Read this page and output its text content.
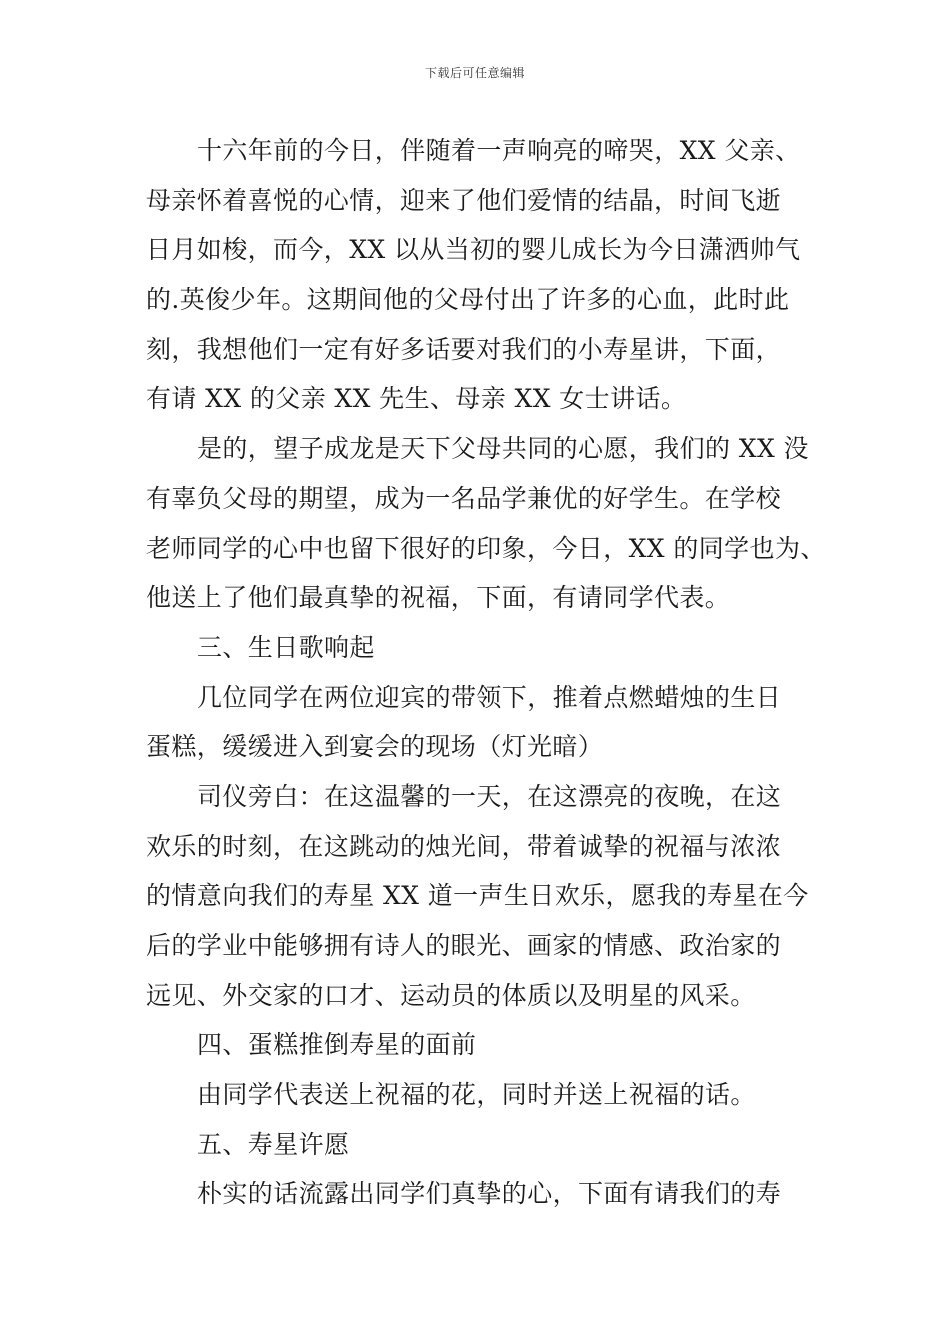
下载后可任意编辑
十六年前的今日，伴随着一声响亮的啼哭，XX 父亲、
母亲怀着喜悦的心情，迎来了他们爱情的结晶，时间飞逝
日月如梭，而今，XX 以从当初的婴儿成长为今日潇洒帅气
的.英俊少年。这期间他的父母付出了许多的心血，此时此
刻，我想他们一定有好多话要对我们的小寿星讲，下面，
有请 XX 的父亲 XX 先生、母亲 XX 女士讲话。
是的，望子成龙是天下父母共同的心愿，我们的 XX 没
有辜负父母的期望，成为一名品学兼优的好学生。在学校
老师同学的心中也留下很好的印象，今日，XX 的同学也为、
他送上了他们最真挚的祝福，下面，有请同学代表。
三、生日歌响起
几位同学在两位迎宾的带领下，推着点燃蜡烛的生日
蛋糕，缓缓进入到宴会的现场（灯光暗）
司仪旁白：在这温馨的一天，在这漂亮的夜晚，在这
欢乐的时刻，在这跳动的烛光间，带着诚挚的祝福与浓浓
的情意向我们的寿星 XX 道一声生日欢乐，愿我的寿星在今
后的学业中能够拥有诗人的眼光、画家的情感、政治家的
远见、外交家的口才、运动员的体质以及明星的风采。
四、蛋糕推倒寿星的面前
由同学代表送上祝福的花，同时并送上祝福的话。
五、寿星许愿
朴实的话流露出同学们真挚的心，下面有请我们的寿
